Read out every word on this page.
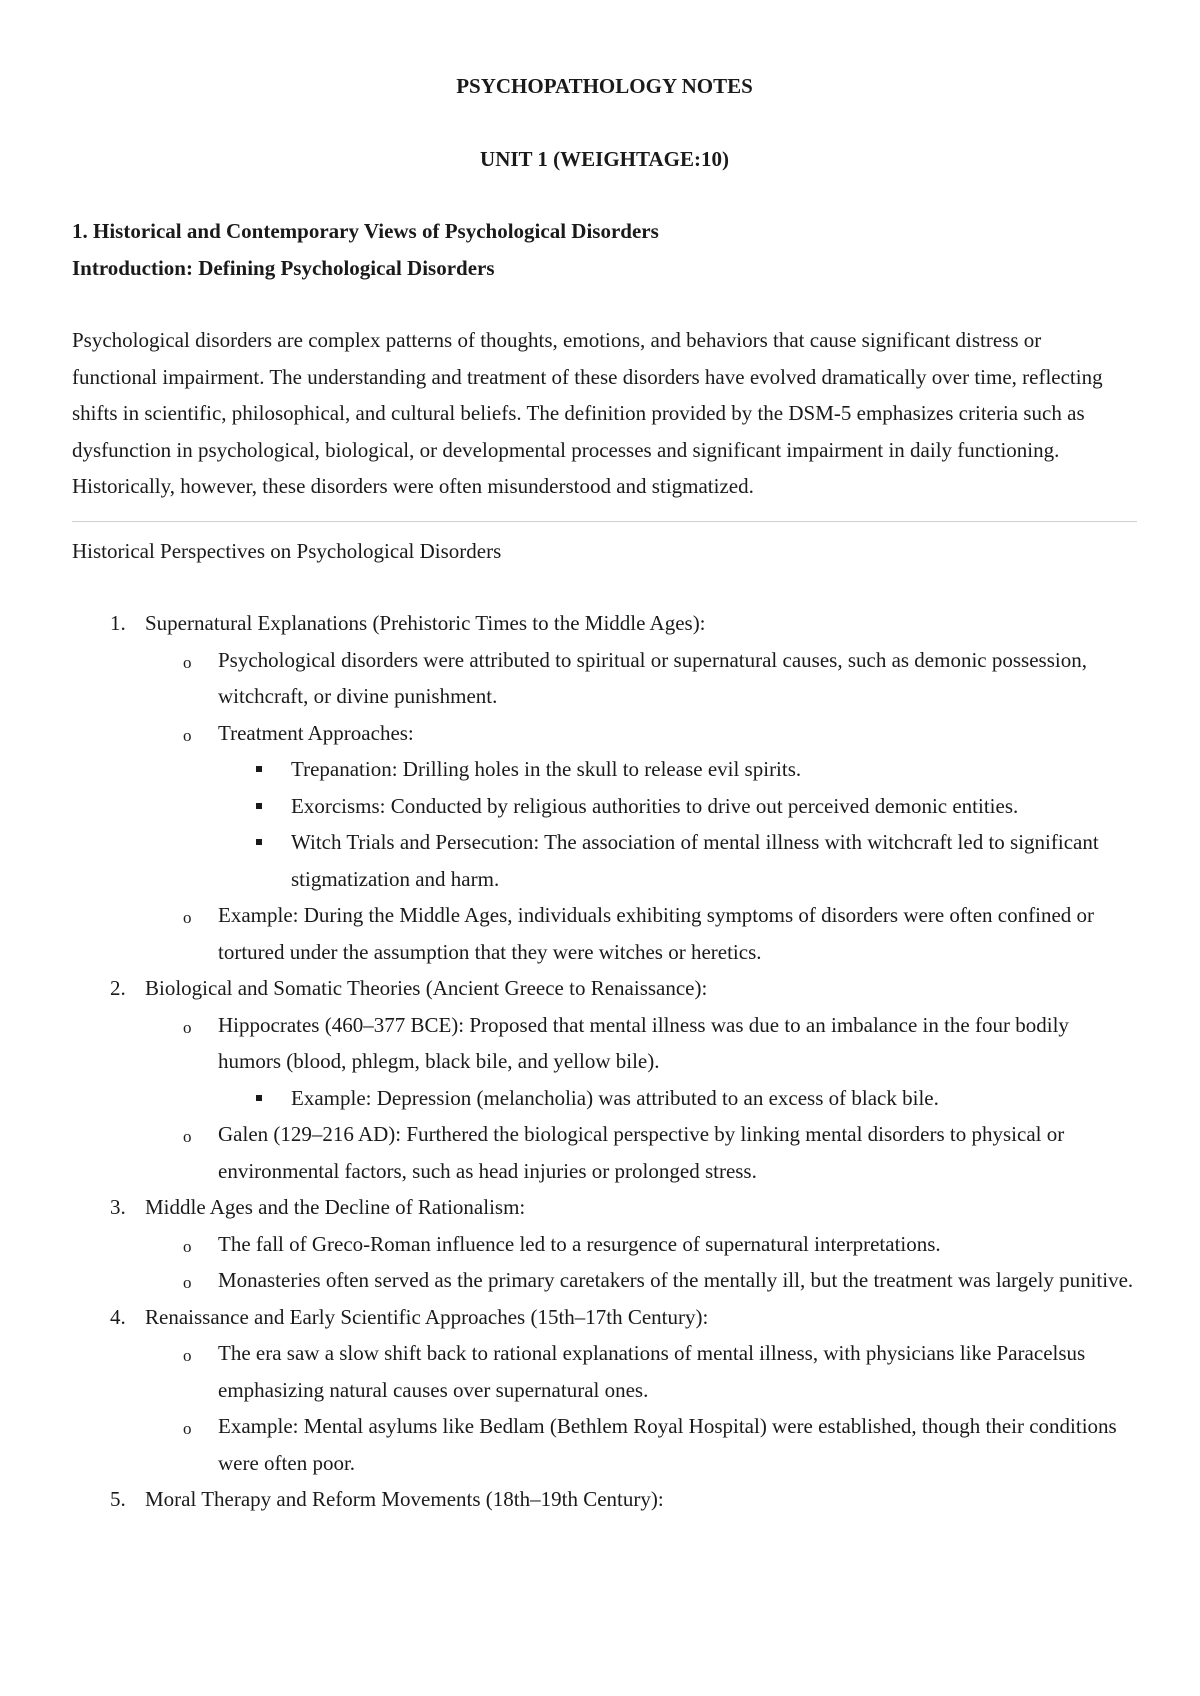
PSYCHOPATHOLOGY NOTES

UNIT 1 (WEIGHTAGE:10)

1. Historical and Contemporary Views of Psychological Disorders

Introduction: Defining Psychological Disorders

Psychological disorders are complex patterns of thoughts, emotions, and behaviors that cause significant distress or functional impairment. The understanding and treatment of these disorders have evolved dramatically over time, reflecting shifts in scientific, philosophical, and cultural beliefs. The definition provided by the DSM-5 emphasizes criteria such as dysfunction in psychological, biological, or developmental processes and significant impairment in daily functioning. Historically, however, these disorders were often misunderstood and stigmatized.

Historical Perspectives on Psychological Disorders

1. Supernatural Explanations (Prehistoric Times to the Middle Ages):
o Psychological disorders were attributed to spiritual or supernatural causes, such as demonic possession, witchcraft, or divine punishment.
o Treatment Approaches:
Trepanation: Drilling holes in the skull to release evil spirits.
Exorcisms: Conducted by religious authorities to drive out perceived demonic entities.
Witch Trials and Persecution: The association of mental illness with witchcraft led to significant stigmatization and harm.
o Example: During the Middle Ages, individuals exhibiting symptoms of disorders were often confined or tortured under the assumption that they were witches or heretics.
2. Biological and Somatic Theories (Ancient Greece to Renaissance):
o Hippocrates (460–377 BCE): Proposed that mental illness was due to an imbalance in the four bodily humors (blood, phlegm, black bile, and yellow bile).
Example: Depression (melancholia) was attributed to an excess of black bile.
o Galen (129–216 AD): Furthered the biological perspective by linking mental disorders to physical or environmental factors, such as head injuries or prolonged stress.
3. Middle Ages and the Decline of Rationalism:
o The fall of Greco-Roman influence led to a resurgence of supernatural interpretations.
o Monasteries often served as the primary caretakers of the mentally ill, but the treatment was largely punitive.
4. Renaissance and Early Scientific Approaches (15th–17th Century):
o The era saw a slow shift back to rational explanations of mental illness, with physicians like Paracelsus emphasizing natural causes over supernatural ones.
o Example: Mental asylums like Bedlam (Bethlem Royal Hospital) were established, though their conditions were often poor.
5. Moral Therapy and Reform Movements (18th–19th Century):
